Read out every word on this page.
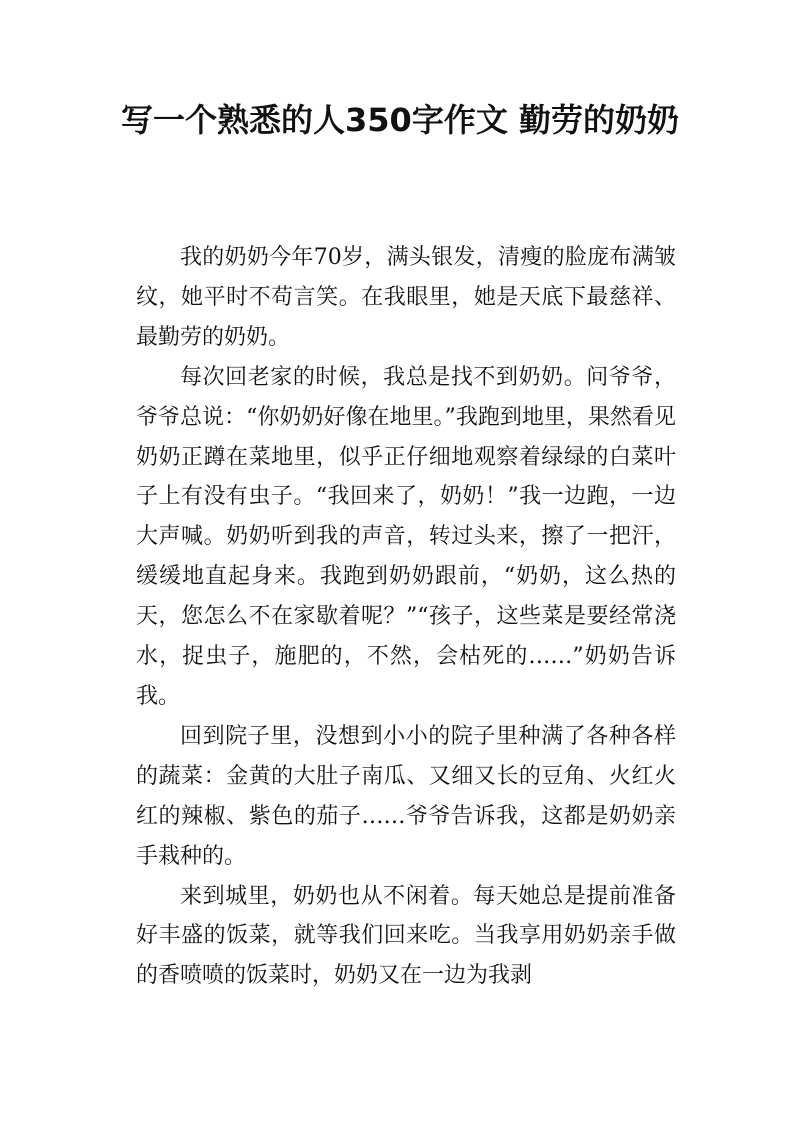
写一个熟悉的人350字作文 勤劳的奶奶

我的奶奶今年70岁，满头银发，清瘦的脸庞布满皱纹，她平时不苟言笑。在我眼里，她是天底下最慈祥、最勤劳的奶奶。

每次回老家的时候，我总是找不到奶奶。问爷爷，爷爷总说：“你奶奶好像在地里。”我跑到地里，果然看见奶奶正蹲在菜地里，似乎正仔细地观察着绿绿的白菜叶子上有没有虫子。“我回来了，奶奶！”我一边跑，一边大声喊。奶奶听到我的声音，转过头来，擦了一把汗，缓缓地直起身来。我跑到奶奶跟前，“奶奶，这么热的天，您怎么不在家歇着呢？”“孩子，这些菜是要经常浇水，捉虫子，施肥的，不然，会枯死的……”奶奶告诉我。

回到院子里，没想到小小的院子里种满了各种各样的蔬菜：金黄的大肚子南瓜、又细又长的豆角、火红火红的辣椒、紫色的茄子……爷爷告诉我，这都是奶奶亲手栽种的。

来到城里，奶奶也从不闲着。每天她总是提前准备好丰盛的饭菜，就等我们回来吃。当我享用奶奶亲手做的香喷喷的饭菜时，奶奶又在一边为我剥
